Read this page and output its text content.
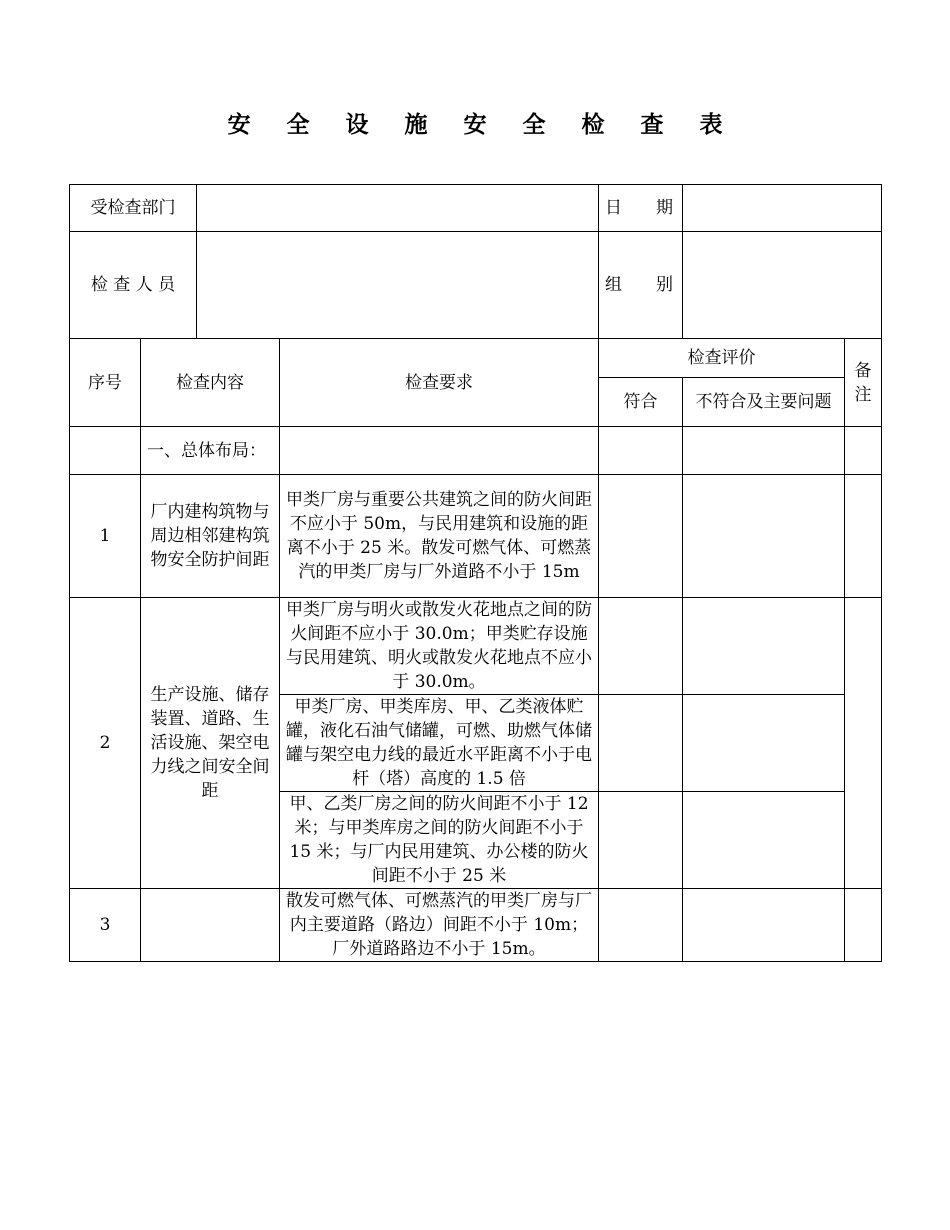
安 全 设 施 安 全 检 查 表
受检查部门				日　　期		
检 查 人 员				组　　别		
序号	检查内容		检查要求	检查评价		备注
				符合	不符合及主要问题	
	一、总体布局：					
1	厂内建构筑物与周边相邻建构筑物安全防护间距		甲类厂房与重要公共建筑之间的防火间距不应小于 50m，与民用建筑和设施的距离不小于 25 米。散发可燃气体、可燃蒸汽的甲类厂房与厂外道路不小于 15m			
2	生产设施、储存装置、道路、生活设施、架空电力线之间安全间距		甲类厂房与明火或散发火花地点之间的防火间距不应小于 30.0m；甲类贮存设施与民用建筑、明火或散发火花地点不应小于 30.0m。			
			甲类厂房、甲类库房、甲、乙类液体贮罐，液化石油气储罐，可燃、助燃气体储罐与架空电力线的最近水平距离不小于电杆（塔）高度的 1.5 倍			
			甲、乙类厂房之间的防火间距不小于 12 米；与甲类库房之间的防火间距不小于 15 米；与厂内民用建筑、办公楼的防火间距不小于 25 米			
3			散发可燃气体、可燃蒸汽的甲类厂房与厂内主要道路（路边）间距不小于 10m；厂外道路路边不小于 15m。			
